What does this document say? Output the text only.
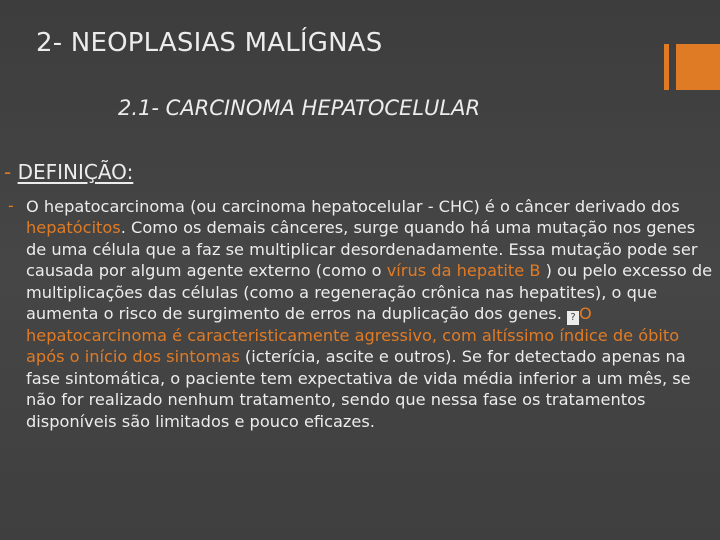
2- NEOPLASIAS MALÍGNAS
2.1- CARCINOMA HEPATOCELULAR
- DEFINIÇÃO:
- O hepatocarcinoma (ou carcinoma hepatocelular - CHC) é o câncer derivado dos hepatócitos. Como os demais cânceres, surge quando há uma mutação nos genes de uma célula que a faz se multiplicar desordenadamente. Essa mutação pode ser causada por algum agente externo (como o vírus da hepatite B ) ou pelo excesso de multiplicações das células (como a regeneração crônica nas hepatites), o que aumenta o risco de surgimento de erros na duplicação dos genes. ? O hepatocarcinoma é caracteristicamente agressivo, com altíssimo índice de óbito após o início dos sintomas (icterícia, ascite e outros). Se for detectado apenas na fase sintomática, o paciente tem expectativa de vida média inferior a um mês, se não for realizado nenhum tratamento, sendo que nessa fase os tratamentos disponíveis são limitados e pouco eficazes.
